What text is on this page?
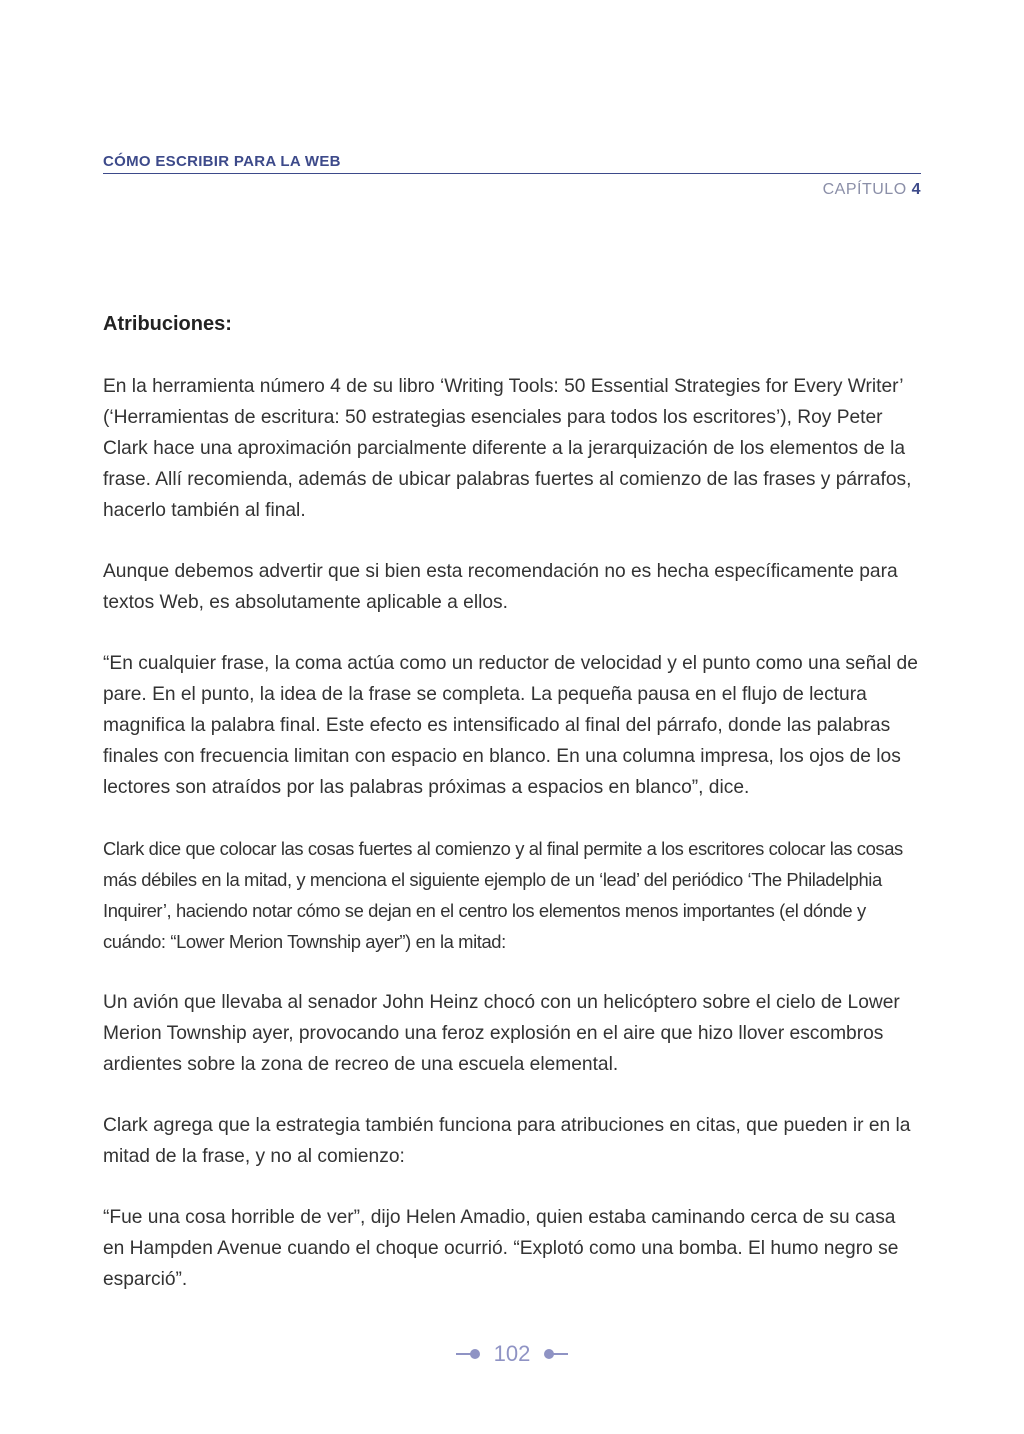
CÓMO ESCRIBIR PARA LA WEB
CAPÍTULO 4
Atribuciones:

En la herramienta número 4 de su libro ‘Writing Tools: 50 Essential Strategies for Every Writer’ (‘Herramientas de escritura: 50 estrategias esenciales para todos los escritores’), Roy Peter Clark hace una aproximación parcialmente diferente a la jerarquización de los elementos de la frase. Allí recomienda, además de ubicar palabras fuertes al comienzo de las frases y párrafos, hacerlo también al final.

Aunque debemos advertir que si bien esta recomendación no es hecha específicamente para textos Web, es absolutamente aplicable a ellos.

“En cualquier frase, la coma actúa como un reductor de velocidad y el punto como una señal de pare. En el punto, la idea de la frase se completa. La pequeña pausa en el flujo de lectura magnifica la palabra final. Este efecto es intensificado al final del párrafo, donde las palabras finales con frecuencia limitan con espacio en blanco. En una columna impresa, los ojos de los lectores son atraídos por las palabras próximas a espacios en blanco”, dice.

Clark dice que colocar las cosas fuertes al comienzo y al final permite a los escritores colocar las cosas más débiles en la mitad, y menciona el siguiente ejemplo de un ‘lead’ del periódico ‘The Philadelphia Inquirer’, haciendo notar cómo se dejan en el centro los elementos menos importantes (el dónde y cuándo: “Lower Merion Township ayer”) en la mitad:

Un avión que llevaba al senador John Heinz chocó con un helicóptero sobre el cielo de Lower Merion Township ayer, provocando una feroz explosión en el aire que hizo llover escombros ardientes sobre la zona de recreo de una escuela elemental.

Clark agrega que la estrategia también funciona para atribuciones en citas, que pueden ir en la mitad de la frase, y no al comienzo:

“Fue una cosa horrible de ver”, dijo Helen Amadio, quien estaba caminando cerca de su casa en Hampden Avenue cuando el choque ocurrió. “Explotó como una bomba. El humo negro se esparció”.

102
